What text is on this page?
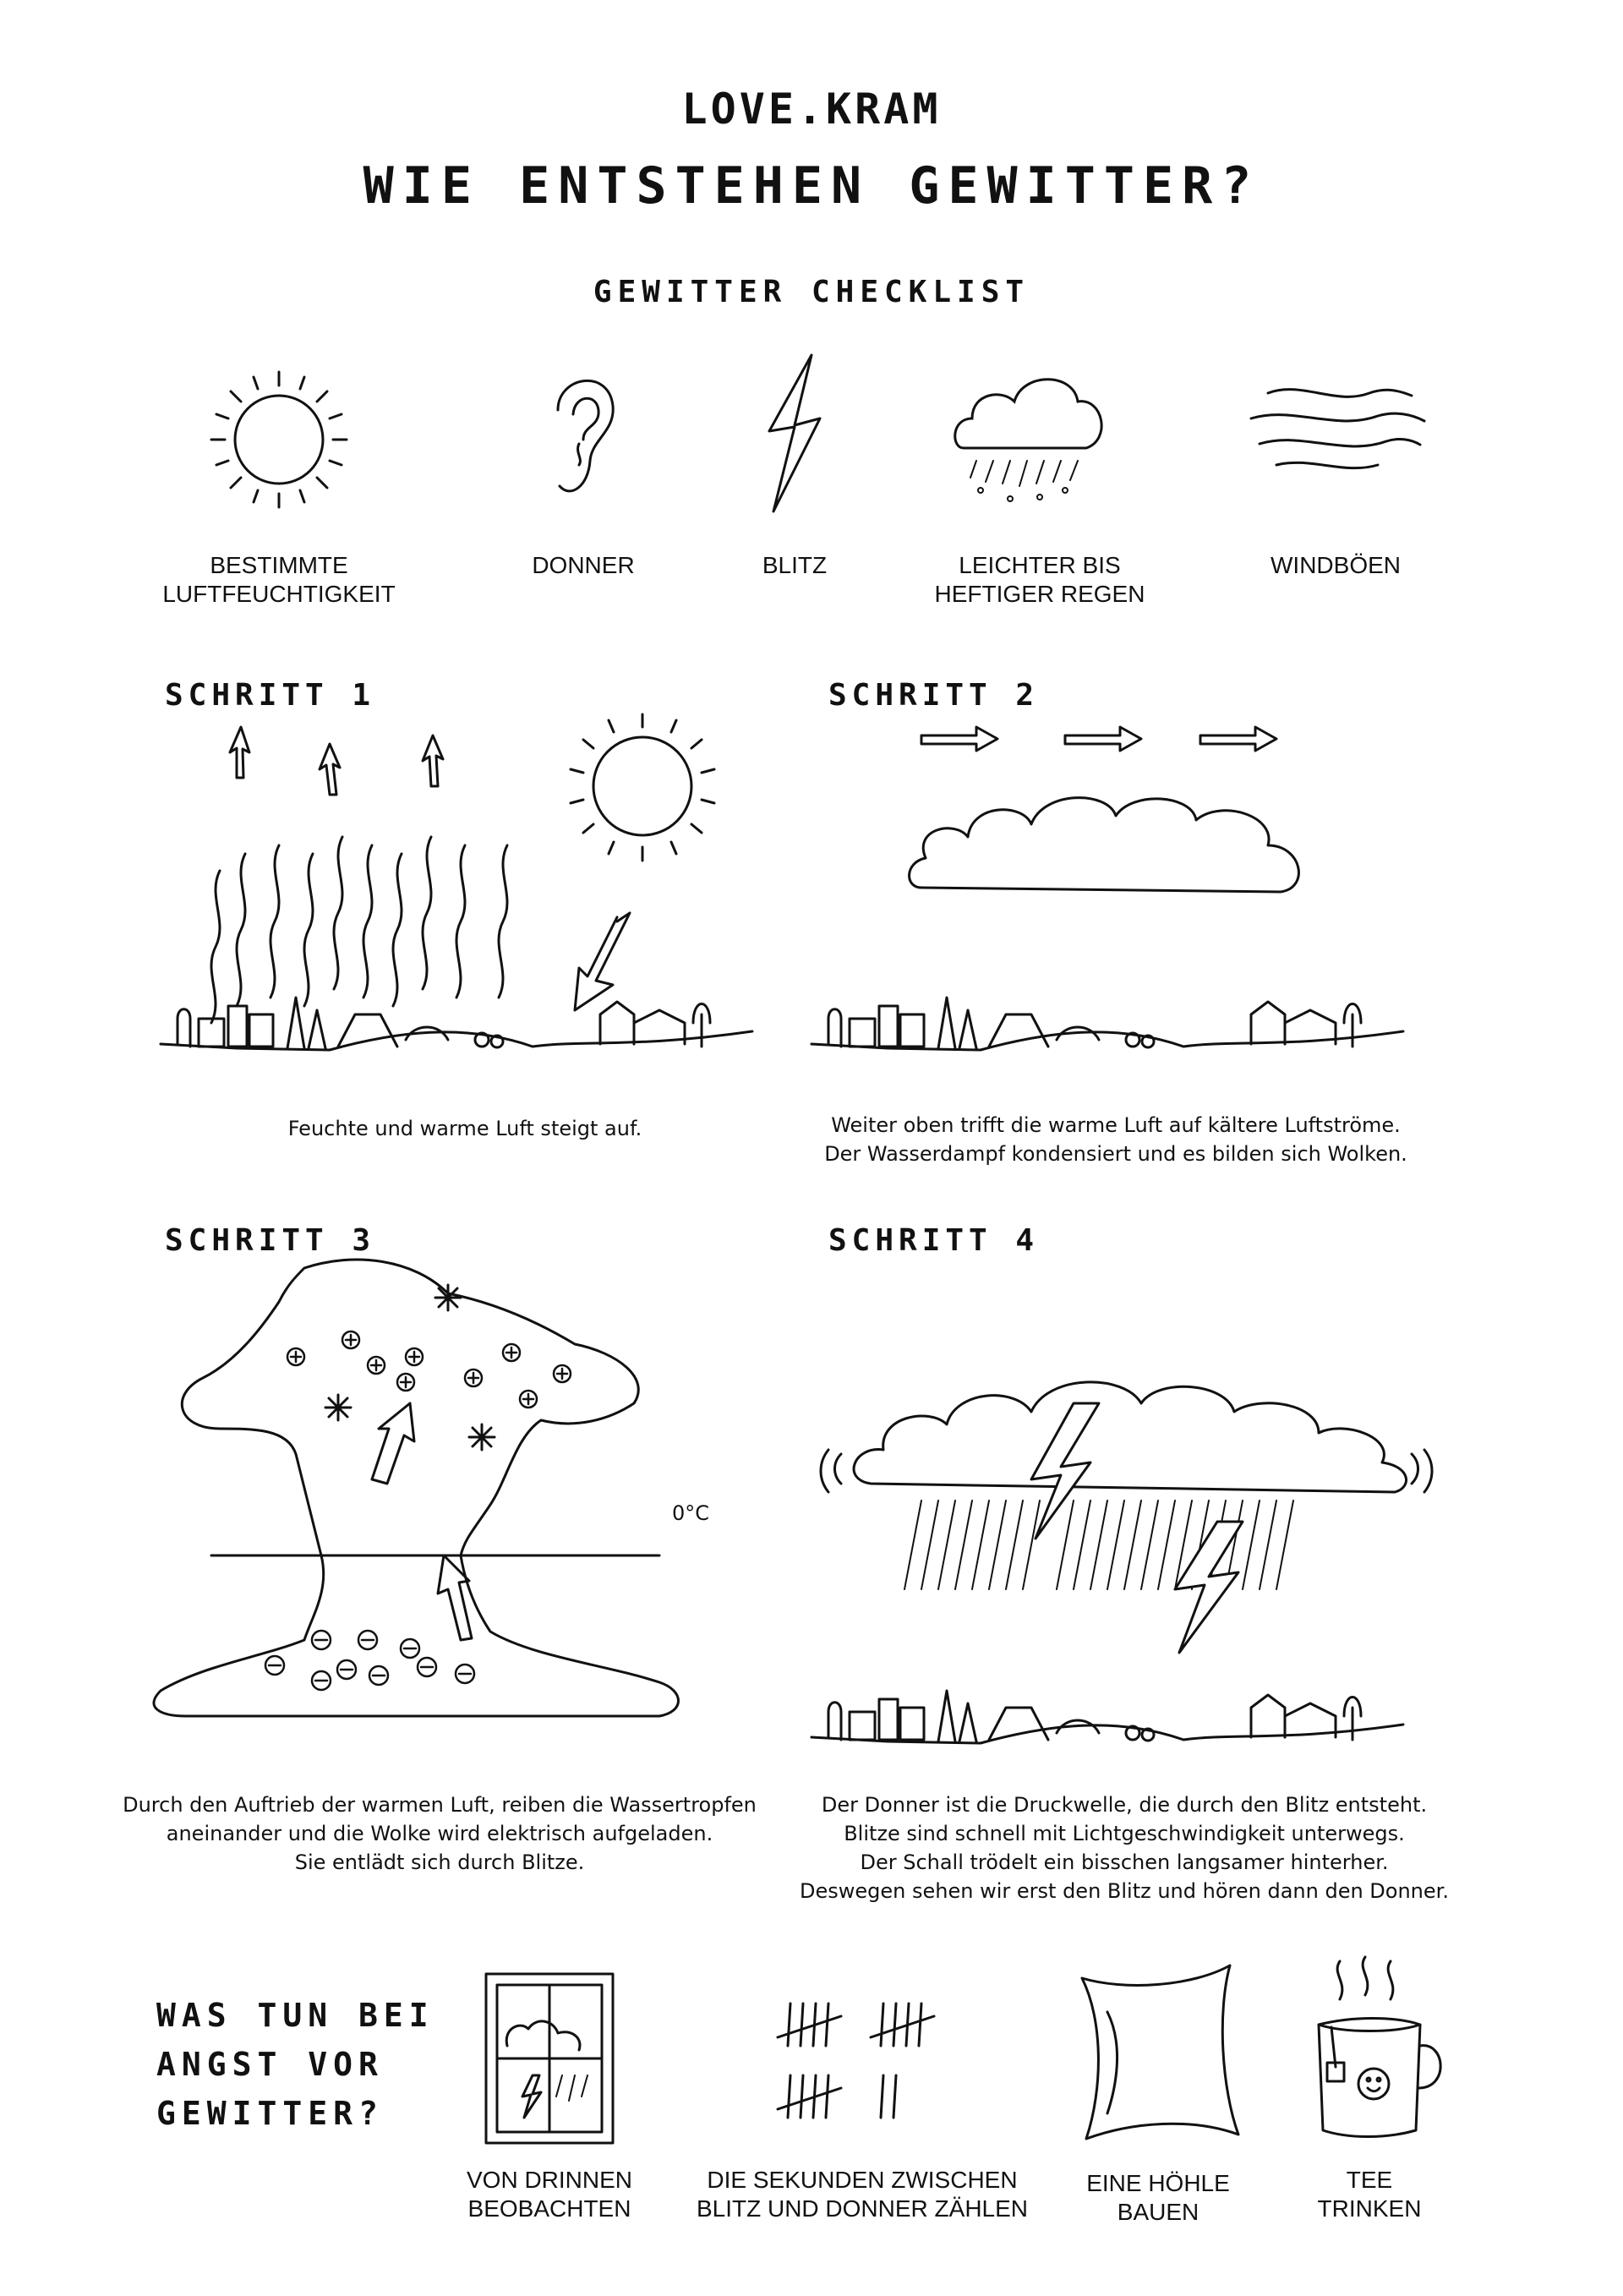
LOVE.KRAM
WIE ENTSTEHEN GEWITTER?
GEWITTER CHECKLIST
BESTIMMTE
LUFTFEUCHTIGKEIT
DONNER	BLITZ	LEICHTER BIS
HEFTIGER REGEN
WINDBÖEN
SCHRITT 1
Feuchte und warme Luft steigt auf.
SCHRITT 2
Weiter oben trifft die warme Luft auf kältere Luftströme.
Der Wasserdampf kondensiert und es bilden sich Wolken.
SCHRITT 3
0°C
Durch den Auftrieb der warmen Luft, reiben die Wassertropfen
aneinander und die Wolke wird elektrisch aufgeladen.
Sie entlädt sich durch Blitze.
SCHRITT 4
Der Donner ist die Druckwelle, die durch den Blitz entsteht.
Blitze sind schnell mit Lichtgeschwindigkeit unterwegs.
Der Schall trödelt ein bisschen langsamer hinterher.
Deswegen sehen wir erst den Blitz und hören dann den Donner.
WAS TUN BEI
ANGST VOR
GEWITTER?
VON DRINNEN
BEOBACHTEN
DIE SEKUNDEN ZWISCHEN
BLITZ UND DONNER ZÄHLEN
EINE HÖHLE
BAUEN
TEE
TRINKEN
